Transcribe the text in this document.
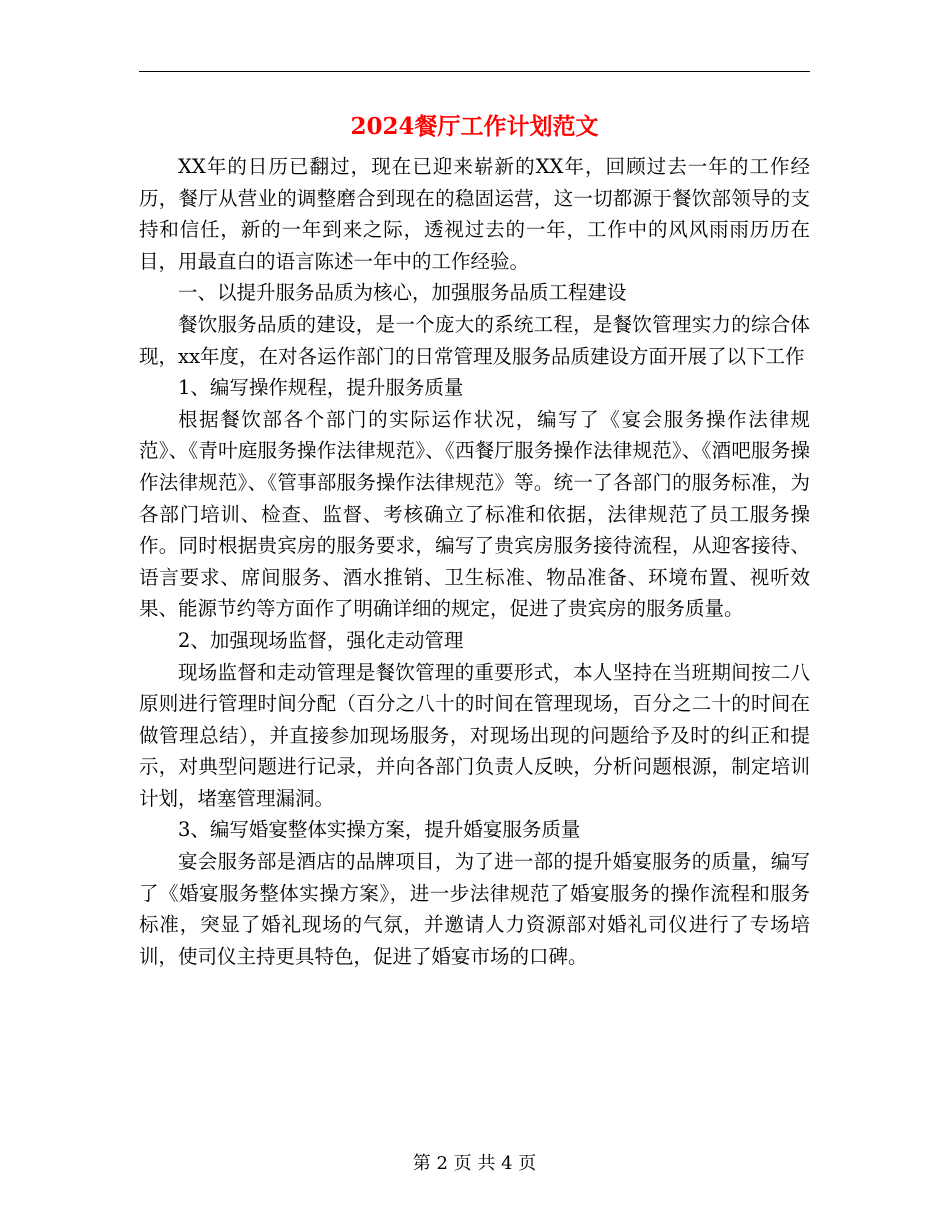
2024餐厅工作计划范文

XX年的日历已翻过，现在已迎来崭新的XX年，回顾过去一年的工作经历，餐厅从营业的调整磨合到现在的稳固运营，这一切都源于餐饮部领导的支持和信任，新的一年到来之际，透视过去的一年，工作中的风风雨雨历历在目，用最直白的语言陈述一年中的工作经验。

一、以提升服务品质为核心，加强服务品质工程建设

餐饮服务品质的建设，是一个庞大的系统工程，是餐饮管理实力的综合体现，xx年度，在对各运作部门的日常管理及服务品质建设方面开展了以下工作

1、编写操作规程，提升服务质量

根据餐饮部各个部门的实际运作状况，编写了《宴会服务操作法律规范》、《青叶庭服务操作法律规范》、《西餐厅服务操作法律规范》、《酒吧服务操作法律规范》、《管事部服务操作法律规范》等。统一了各部门的服务标准，为各部门培训、检查、监督、考核确立了标准和依据，法律规范了员工服务操作。同时根据贵宾房的服务要求，编写了贵宾房服务接待流程，从迎客接待、语言要求、席间服务、酒水推销、卫生标准、物品准备、环境布置、视听效果、能源节约等方面作了明确详细的规定，促进了贵宾房的服务质量。

2、加强现场监督，强化走动管理

现场监督和走动管理是餐饮管理的重要形式，本人坚持在当班期间按二八原则进行管理时间分配（百分之八十的时间在管理现场，百分之二十的时间在做管理总结），并直接参加现场服务，对现场出现的问题给予及时的纠正和提示，对典型问题进行记录，并向各部门负责人反映，分析问题根源，制定培训计划，堵塞管理漏洞。

3、编写婚宴整体实操方案，提升婚宴服务质量

宴会服务部是酒店的品牌项目，为了进一部的提升婚宴服务的质量，编写了《婚宴服务整体实操方案》，进一步法律规范了婚宴服务的操作流程和服务标准，突显了婚礼现场的气氛，并邀请人力资源部对婚礼司仪进行了专场培训，使司仪主持更具特色，促进了婚宴市场的口碑。

第 2 页 共 4 页
